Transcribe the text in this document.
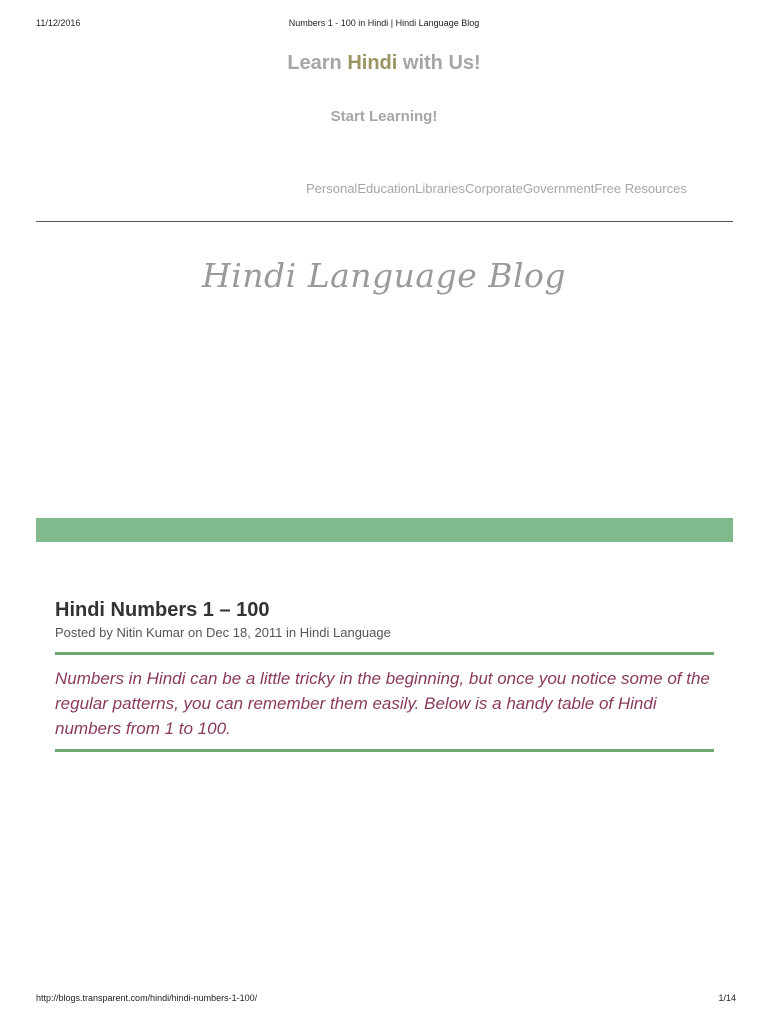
11/12/2016	Numbers 1 - 100 in Hindi | Hindi Language Blog
Learn Hindi with Us!
Start Learning!
Personal Education Libraries Corporate Government Free Resources
Hindi Language Blog
Hindi Numbers 1 – 100
Posted by Nitin Kumar on Dec 18, 2011 in Hindi Language
Numbers in Hindi can be a little tricky in the beginning, but once you notice some of the regular patterns, you can remember them easily. Below is a handy table of Hindi numbers from 1 to 100.
http://blogs.transparent.com/hindi/hindi-numbers-1-100/	1/14
